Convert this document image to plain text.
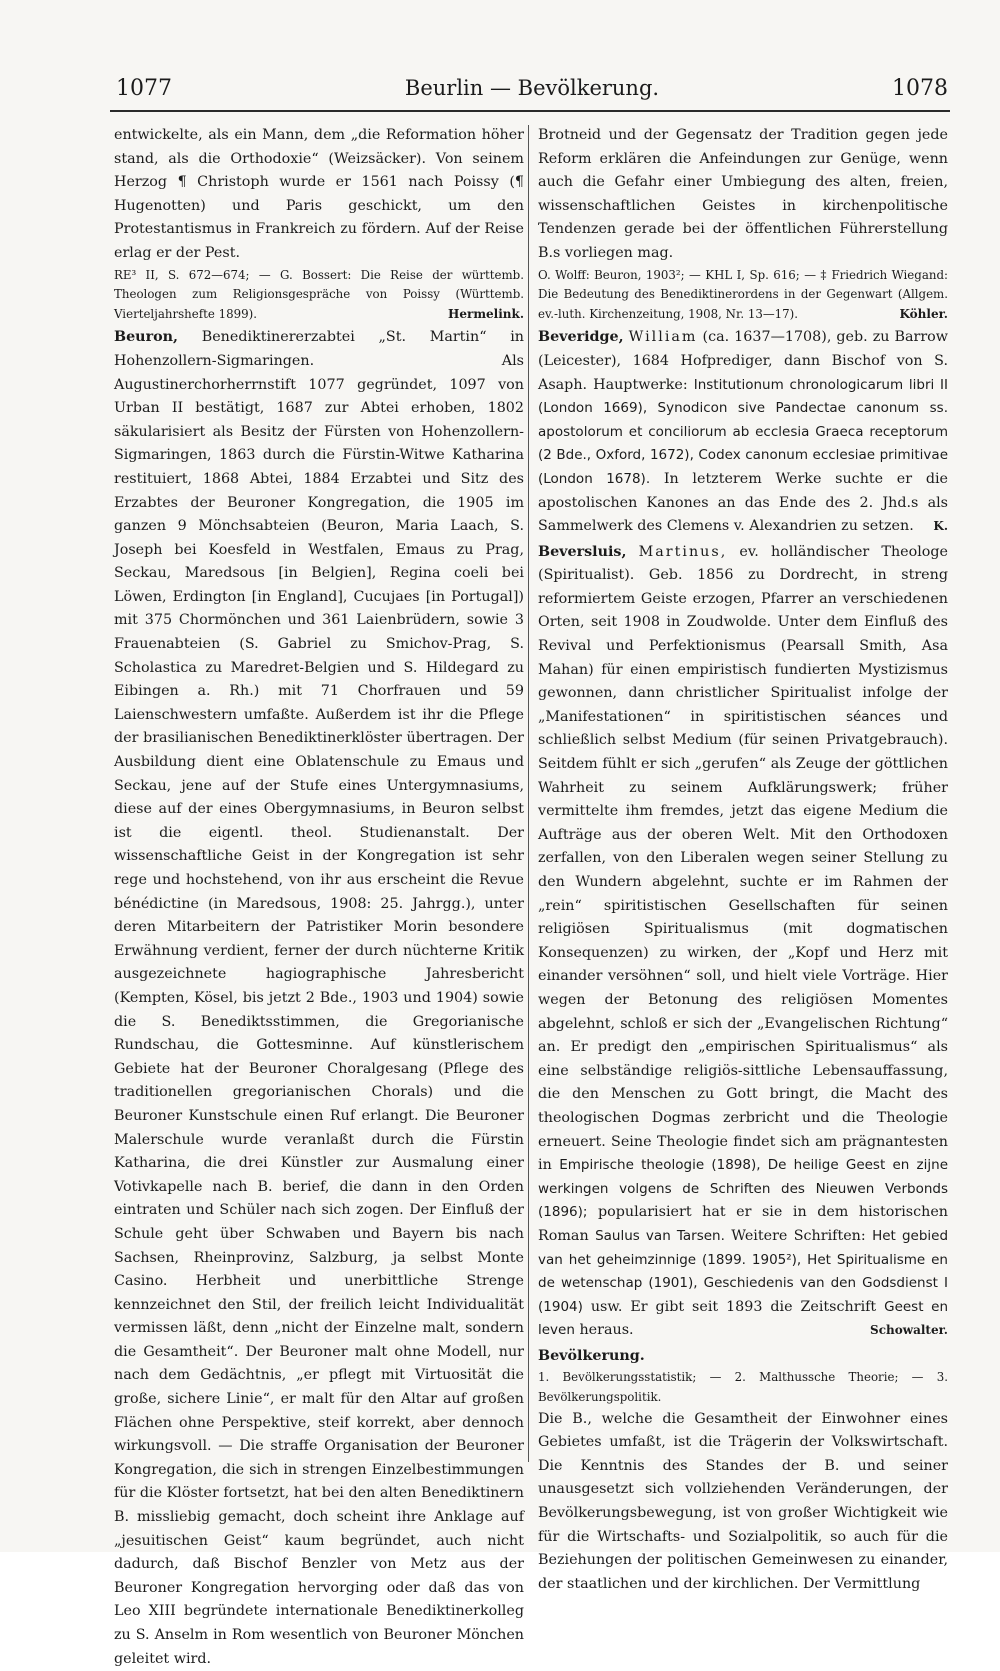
1077	Beurlin — Bevölkerung.	1078

entwickelte, als ein Mann, dem „die Reformation höher stand, als die Orthodoxie“ (Weizsäcker). Von seinem Herzog ¶ Christoph wurde er 1561 nach Poissy (¶ Hugenotten) und Paris geschickt, um den Protestantismus in Frankreich zu fördern. Auf der Reise erlag er der Pest.

RE³ II, S. 672—674; — G. Bossert: Die Reise der württemb. Theologen zum Religionsgespräche von Poissy (Württemb. Vierteljahrshefte 1899).	Hermelink.

Beuron, Benediktinererzabtei „St. Martin“ in Hohenzollern-Sigmaringen. Als Augustinerchorherrnstift 1077 gegründet, 1097 von Urban II bestätigt, 1687 zur Abtei erhoben, 1802 säkularisiert als Besitz der Fürsten von Hohenzollern-Sigmaringen, 1863 durch die Fürstin-Witwe Katharina restituiert, 1868 Abtei, 1884 Erzabtei und Sitz des Erzabtes der Beuroner Kongregation, die 1905 im ganzen 9 Mönchsabteien (Beuron, Maria Laach, S. Joseph bei Koesfeld in Westfalen, Emaus zu Prag, Seckau, Maredsous [in Belgien], Regina coeli bei Löwen, Erdington [in England], Cucujaes [in Portugal]) mit 375 Chormönchen und 361 Laienbrüdern, sowie 3 Frauenabteien (S. Gabriel zu Smichov-Prag, S. Scholastica zu Maredret-Belgien und S. Hildegard zu Eibingen a. Rh.) mit 71 Chorfrauen und 59 Laienschwestern umfaßte. Außerdem ist ihr die Pflege der brasilianischen Benediktinerklöster übertragen. Der Ausbildung dient eine Oblatenschule zu Emaus und Seckau, jene auf der Stufe eines Untergymnasiums, diese auf der eines Obergymnasiums, in Beuron selbst ist die eigentl. theol. Studienanstalt. Der wissenschaftliche Geist in der Kongregation ist sehr rege und hochstehend, von ihr aus erscheint die Revue bénédictine (in Maredsous, 1908: 25. Jahrgg.), unter deren Mitarbeitern der Patristiker Morin besondere Erwähnung verdient, ferner der durch nüchterne Kritik ausgezeichnete hagiographische Jahresbericht (Kempten, Kösel, bis jetzt 2 Bde., 1903 und 1904) sowie die S. Benediktsstimmen, die Gregorianische Rundschau, die Gottesminne. Auf künstlerischem Gebiete hat der Beuroner Choralgesang (Pflege des traditionellen gregorianischen Chorals) und die Beuroner Kunstschule einen Ruf erlangt. Die Beuroner Malerschule wurde veranlaßt durch die Fürstin Katharina, die drei Künstler zur Ausmalung einer Votivkapelle nach B. berief, die dann in den Orden eintraten und Schüler nach sich zogen. Der Einfluß der Schule geht über Schwaben und Bayern bis nach Sachsen, Rheinprovinz, Salzburg, ja selbst Monte Casino. Herbheit und unerbittliche Strenge kennzeichnet den Stil, der freilich leicht Individualität vermissen läßt, denn „nicht der Einzelne malt, sondern die Gesamtheit“. Der Beuroner malt ohne Modell, nur nach dem Gedächtnis, „er pflegt mit Virtuosität die große, sichere Linie“, er malt für den Altar auf großen Flächen ohne Perspektive, steif korrekt, aber dennoch wirkungsvoll. — Die straffe Organisation der Beuroner Kongregation, die sich in strengen Einzelbestimmungen für die Klöster fortsetzt, hat bei den alten Benediktinern B. missliebig gemacht, doch scheint ihre Anklage auf „jesuitischen Geist“ kaum begründet, auch nicht dadurch, daß Bischof Benzler von Metz aus der Beuroner Kongregation hervorging oder daß das von Leo XIII begründete internationale Benediktinerkolleg zu S. Anselm in Rom wesentlich von Beuroner Mönchen geleitet wird.

Brotneid und der Gegensatz der Tradition gegen jede Reform erklären die Anfeindungen zur Genüge, wenn auch die Gefahr einer Umbiegung des alten, freien, wissenschaftlichen Geistes in kirchenpolitische Tendenzen gerade bei der öffentlichen Führerstellung B.s vorliegen mag.

O. Wolff: Beuron, 1903²; — KHL I, Sp. 616; — ‡ Friedrich Wiegand: Die Bedeutung des Benediktinerordens in der Gegenwart (Allgem. ev.-luth. Kirchenzeitung, 1908, Nr. 13—17).	Köhler.

Beveridge, William (ca. 1637—1708), geb. zu Barrow (Leicester), 1684 Hofprediger, dann Bischof von S. Asaph. Hauptwerke: Institutionum chronologicarum libri II (London 1669), Synodicon sive Pandectae canonum ss. apostolorum et conciliorum ab ecclesia Graeca receptorum (2 Bde., Oxford, 1672), Codex canonum ecclesiae primitivae (London 1678). In letzterem Werke suchte er die apostolischen Kanones an das Ende des 2. Jhd.s als Sammelwerk des Clemens v. Alexandrien zu setzen. K.

Beversluis, Martinus, ev. holländischer Theologe (Spiritualist). Geb. 1856 zu Dordrecht, in streng reformiertem Geiste erzogen, Pfarrer an verschiedenen Orten, seit 1908 in Zoudwolde. Unter dem Einfluß des Revival und Perfektionismus (Pearsall Smith, Asa Mahan) für einen empiristisch fundierten Mystizismus gewonnen, dann christlicher Spiritualist infolge der „Manifestationen“ in spiritistischen séances und schließlich selbst Medium (für seinen Privatgebrauch). Seitdem fühlt er sich „gerufen“ als Zeuge der göttlichen Wahrheit zu seinem Aufklärungswerk; früher vermittelte ihm fremdes, jetzt das eigene Medium die Aufträge aus der oberen Welt. Mit den Orthodoxen zerfallen, von den Liberalen wegen seiner Stellung zu den Wundern abgelehnt, suchte er im Rahmen der „rein“ spiritistischen Gesellschaften für seinen religiösen Spiritualismus (mit dogmatischen Konsequenzen) zu wirken, der „Kopf und Herz mit einander versöhnen“ soll, und hielt viele Vorträge. Hier wegen der Betonung des religiösen Momentes abgelehnt, schloß er sich der „Evangelischen Richtung“ an. Er predigt den „empirischen Spiritualismus“ als eine selbständige religiös-sittliche Lebensauffassung, die den Menschen zu Gott bringt, die Macht des theologischen Dogmas zerbricht und die Theologie erneuert. Seine Theologie findet sich am prägnantesten in Empirische theologie (1898), De heilige Geest en zijne werkingen volgens de Schriften des Nieuwen Verbonds (1896); popularisiert hat er sie in dem historischen Roman Saulus van Tarsen. Weitere Schriften: Het gebied van het geheimzinnige (1899. 1905²), Het Spiritualisme en de wetenschap (1901), Geschiedenis van den Godsdienst I (1904) usw. Er gibt seit 1893 die Zeitschrift Geest en leven heraus.	Schowalter.

Bevölkerung.

1. Bevölkerungsstatistik; — 2. Malthussche Theorie; — 3. Bevölkerungspolitik.

Die B., welche die Gesamtheit der Einwohner eines Gebietes umfaßt, ist die Trägerin der Volkswirtschaft. Die Kenntnis des Standes der B. und seiner unausgesetzt sich vollziehenden Veränderungen, der Bevölkerungsbewegung, ist von großer Wichtigkeit wie für die Wirtschafts- und Sozialpolitik, so auch für die Beziehungen der politischen Gemeinwesen zu einander, der staatlichen und der kirchlichen. Der Vermittlung
